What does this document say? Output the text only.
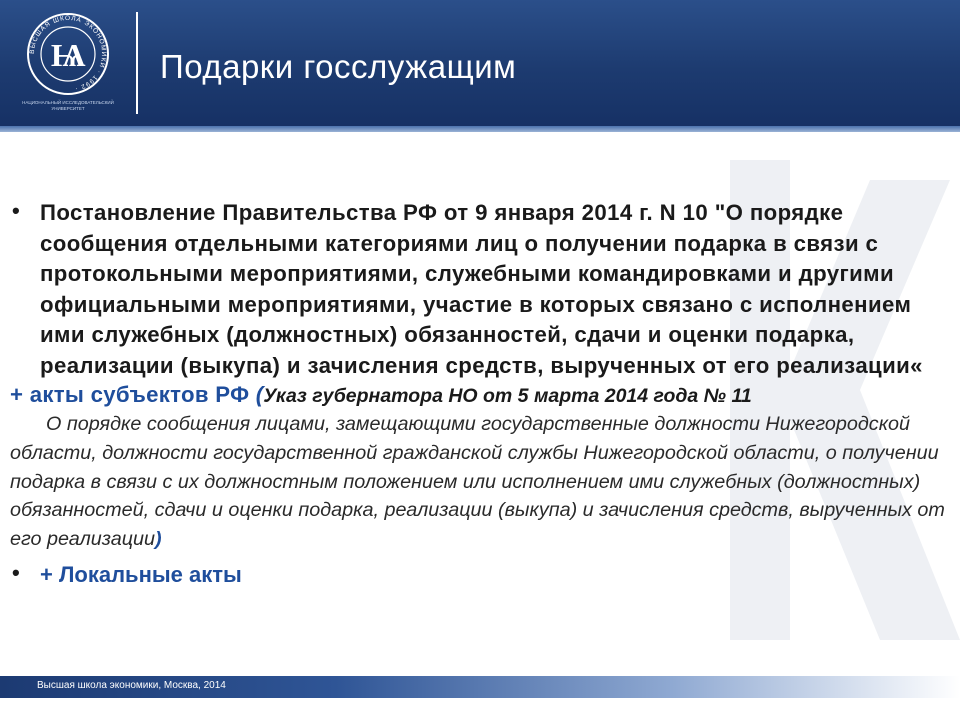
ВЫСШАЯ ШКОЛА ЭКОНОМИКИ · 1992 ·
Ѩ
НАЦИОНАЛЬНЫЙ ИССЛЕДОВАТЕЛЬСКИЙ УНИВЕРСИТЕТ
Подарки госслужащим
• Постановление Правительства РФ от 9 января 2014 г. N 10 "О порядке сообщения отдельными категориями лиц о получении подарка в связи с протокольными мероприятиями, служебными командировками и другими официальными мероприятиями, участие в которых связано с исполнением ими служебных (должностных) обязанностей, сдачи и оценки подарка, реализации (выкупа) и зачисления средств, вырученных от его реализации«
+ акты субъектов РФ (Указ губернатора НО от 5 марта 2014 года № 11
О порядке сообщения лицами, замещающими государственные должности Нижегородской области, должности государственной гражданской службы Нижегородской области, о получении подарка в связи с их должностным положением или исполнением ими служебных (должностных) обязанностей, сдачи и оценки подарка, реализации (выкупа) и зачисления средств, вырученных от его реализации)
• + Локальные акты
Высшая школа экономики, Москва, 2014
